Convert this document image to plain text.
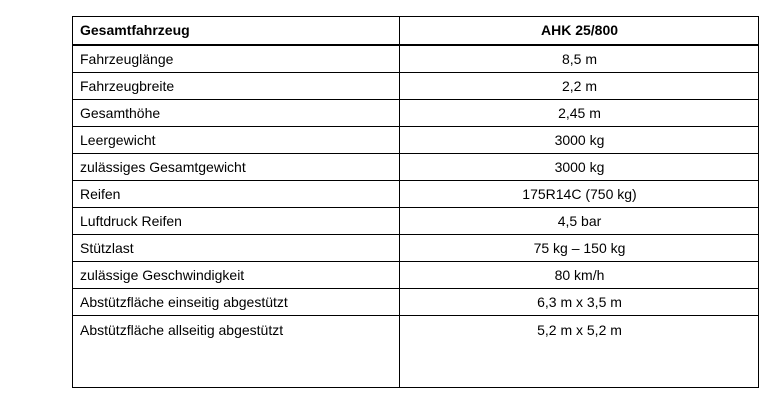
Gesamtfahrzeug	AHK 25/800
Fahrzeuglänge	8,5 m
Fahrzeugbreite	2,2 m
Gesamthöhe	2,45 m
Leergewicht	3000 kg
zulässiges Gesamtgewicht	3000 kg
Reifen	175R14C (750 kg)
Luftdruck Reifen	4,5 bar
Stützlast	75 kg – 150 kg
zulässige Geschwindigkeit	80 km/h
Abstützfläche einseitig abgestützt	6,3 m x 3,5 m
Abstützfläche allseitig abgestützt	5,2 m x 5,2 m
